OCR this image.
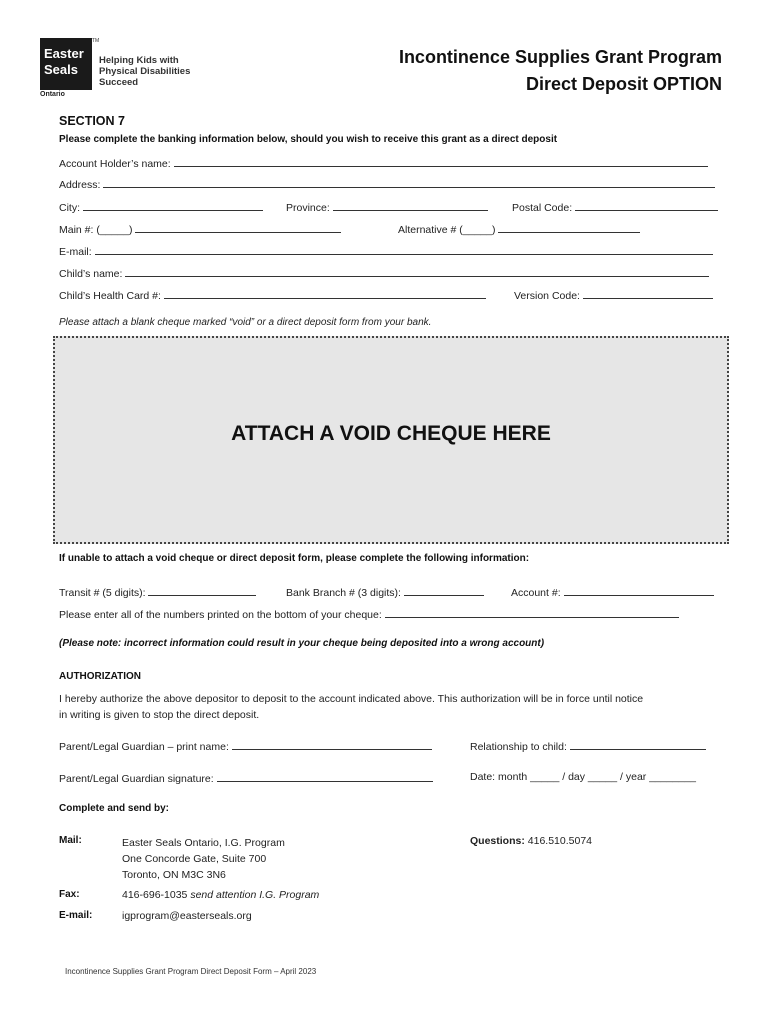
Easter
Seals
TM
Helping Kids with
Physical Disabilities
Succeed
Ontario
Incontinence Supplies Grant Program
Direct Deposit OPTION
SECTION 7
Please complete the banking information below, should you wish to receive this grant as a direct deposit
Account Holder’s name:
Address:
City:	Province:	Postal Code:
Main #: (_____)	Alternative # (_____)
E-mail:
Child’s name:
Child’s Health Card #:	Version Code:
Please attach a blank cheque marked “void” or a direct deposit form from your bank.
ATTACH A VOID CHEQUE HERE
If unable to attach a void cheque or direct deposit form, please complete the following information:
Transit # (5 digits):	Bank Branch # (3 digits):	Account #:
Please enter all of the numbers printed on the bottom of your cheque:
(Please note: incorrect information could result in your cheque being deposited into a wrong account)
AUTHORIZATION
I hereby authorize the above depositor to deposit to the account indicated above. This authorization will be in force until notice
in writing is given to stop the direct deposit.
Parent/Legal Guardian – print name:	Relationship to child:
Parent/Legal Guardian signature:	Date: month _____ / day _____ / year ________
Complete and send by:
Mail:	Easter Seals Ontario, I.G. Program
One Concorde Gate, Suite 700
Toronto, ON M3C 3N6
Questions: 416.510.5074
Fax:	416-696-1035 send attention I.G. Program
E-mail:	igprogram@easterseals.org
Incontinence Supplies Grant Program Direct Deposit Form – April 2023
